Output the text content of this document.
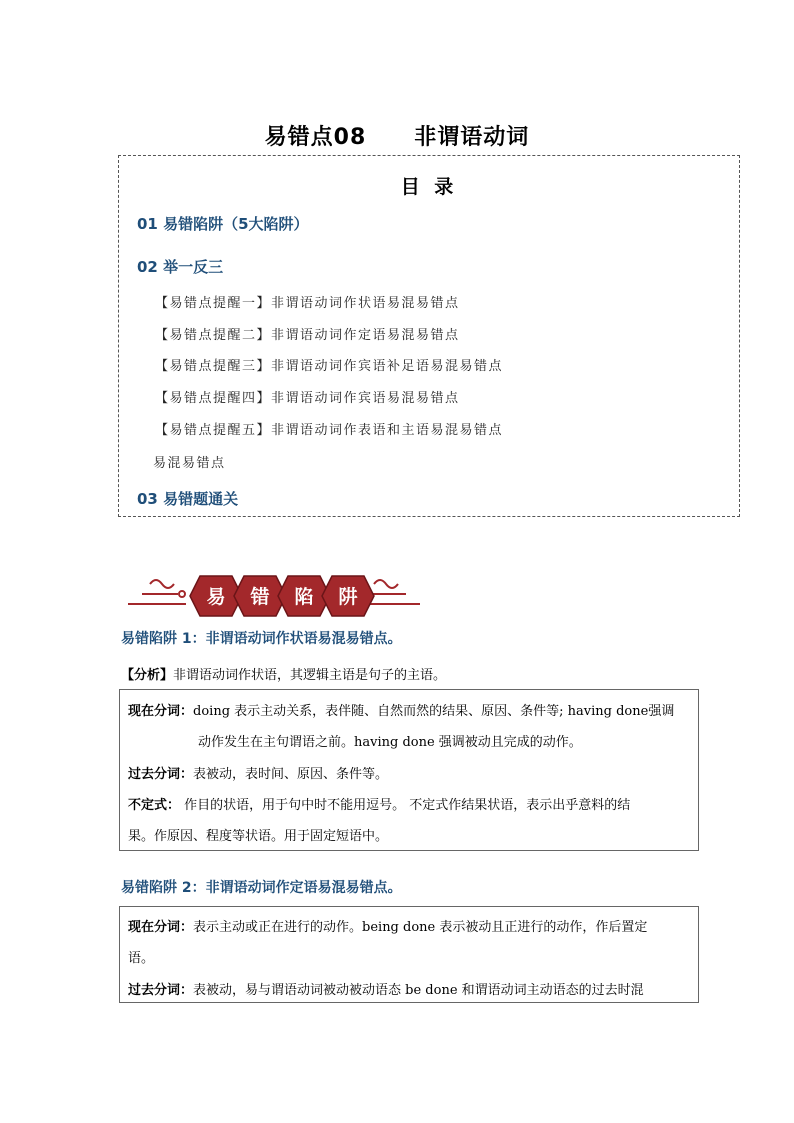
易错点08 非谓语动词
目 录
01 易错陷阱（5大陷阱）
02 举一反三
【易错点提醒一】非谓语动词作状语易混易错点
【易错点提醒二】非谓语动词作定语易混易错点
【易错点提醒三】非谓语动词作宾语补足语易混易错点
【易错点提醒四】非谓语动词作宾语易混易错点
【易错点提醒五】非谓语动词作表语和主语易混易错点
易混易错点
03 易错题通关
易 错 陷 阱
易错陷阱 1：非谓语动词作状语易混易错点。
【分析】非谓语动词作状语，其逻辑主语是句子的主语。
现在分词：doing 表示主动关系，表伴随、自然而然的结果、原因、条件等; having done强调
动作发生在主句谓语之前。having done 强调被动且完成的动作。
过去分词：表被动，表时间、原因、条件等。
不定式： 作目的状语，用于句中时不能用逗号。 不定式作结果状语，表示出乎意料的结
果。作原因、程度等状语。用于固定短语中。
易错陷阱 2：非谓语动词作定语易混易错点。
现在分词：表示主动或正在进行的动作。being done 表示被动且正进行的动作，作后置定
语。
过去分词：表被动，易与谓语动词被动被动语态 be done 和谓语动词主动语态的过去时混
